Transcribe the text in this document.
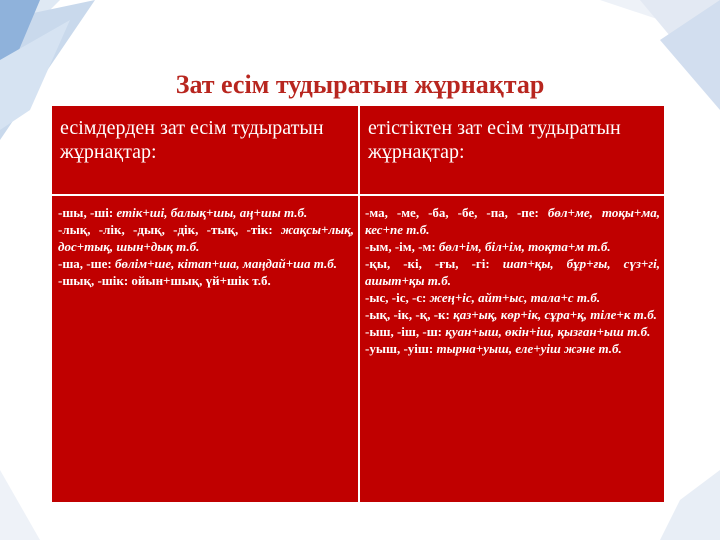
Зат есім тудыратын жұрнақтар
есімдерден зат есім тудыратын жұрнақтар:
етістіктен зат есім тудыратын жұрнақтар:
-шы, -ші: етік+ші, балық+шы, аң+шы т.б.
-лық, -лік, -дық, -дік, -тық, -тік: жақсы+лық, дос+тық, шын+дық т.б.
-ша, -ше: бөлім+ше, кітап+ша, маңдай+ша т.б.
-шық, -шік: ойын+шық, үй+шік т.б.
-ма, -ме, -ба, -бе, -па, -пе: бөл+ме, тоқы+ма, кес+пе т.б.
-ым, -ім, -м: бөл+ім, біл+ім, тоқта+м т.б.
-қы, -кі, -ғы, -гі: шап+қы, бұр+ғы, сүз+гі, ашыт+қы т.б.
-ыс, -іс, -с: жең+іс, айт+ыс, тала+с т.б.
-ық, -ік, -қ, -к: қаз+ық, көр+ік, сұра+қ, тіле+к т.б.
-ыш, -іш, -ш: қуан+ыш, өкін+іш, қызған+ыш т.б.
-уыш, -уіш: тырна+уыш, еле+уіш және т.б.
